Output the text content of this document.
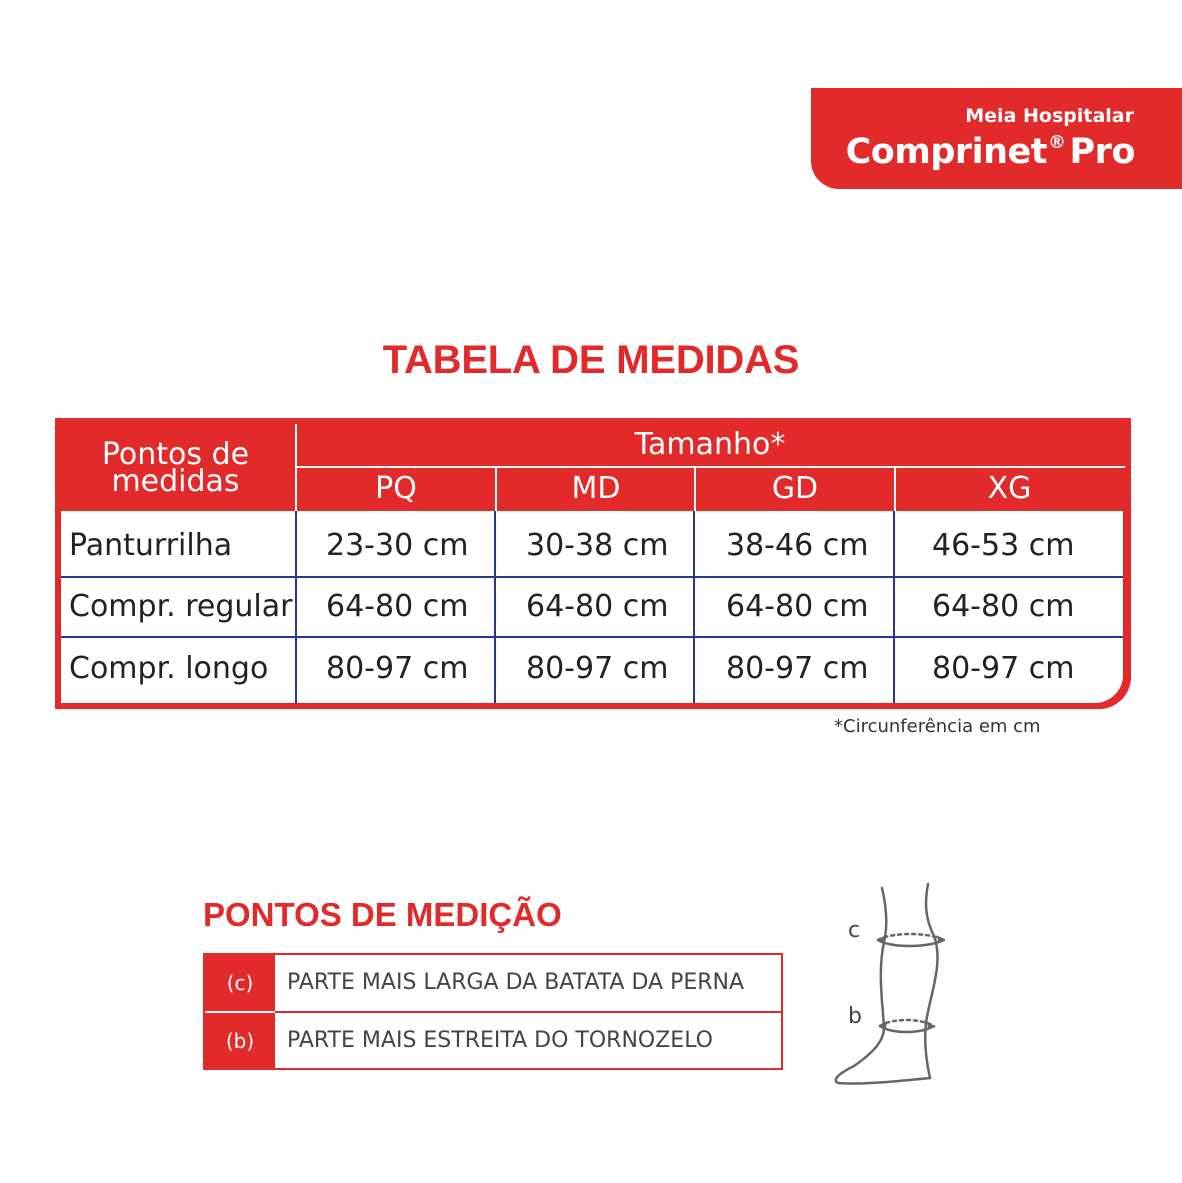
Meia Hospitalar
Comprinet® Pro
TABELA DE MEDIDAS
Pontos de
medidas
Tamanho*
PQ	MD	GD	XG
Panturrilha	23-30 cm 30-38 cm 38-46 cm 46-53 cm
Compr. regular 64-80 cm 64-80 cm 64-80 cm 64-80 cm
Compr. longo 80-97 cm 80-97 cm 80-97 cm 80-97 cm
*Circunferência em cm
PONTOS DE MEDIÇÃO
(c)	PARTE MAIS LARGA DA BATATA DA PERNA
(b)	PARTE MAIS ESTREITA DO TORNOZELO
c
b
